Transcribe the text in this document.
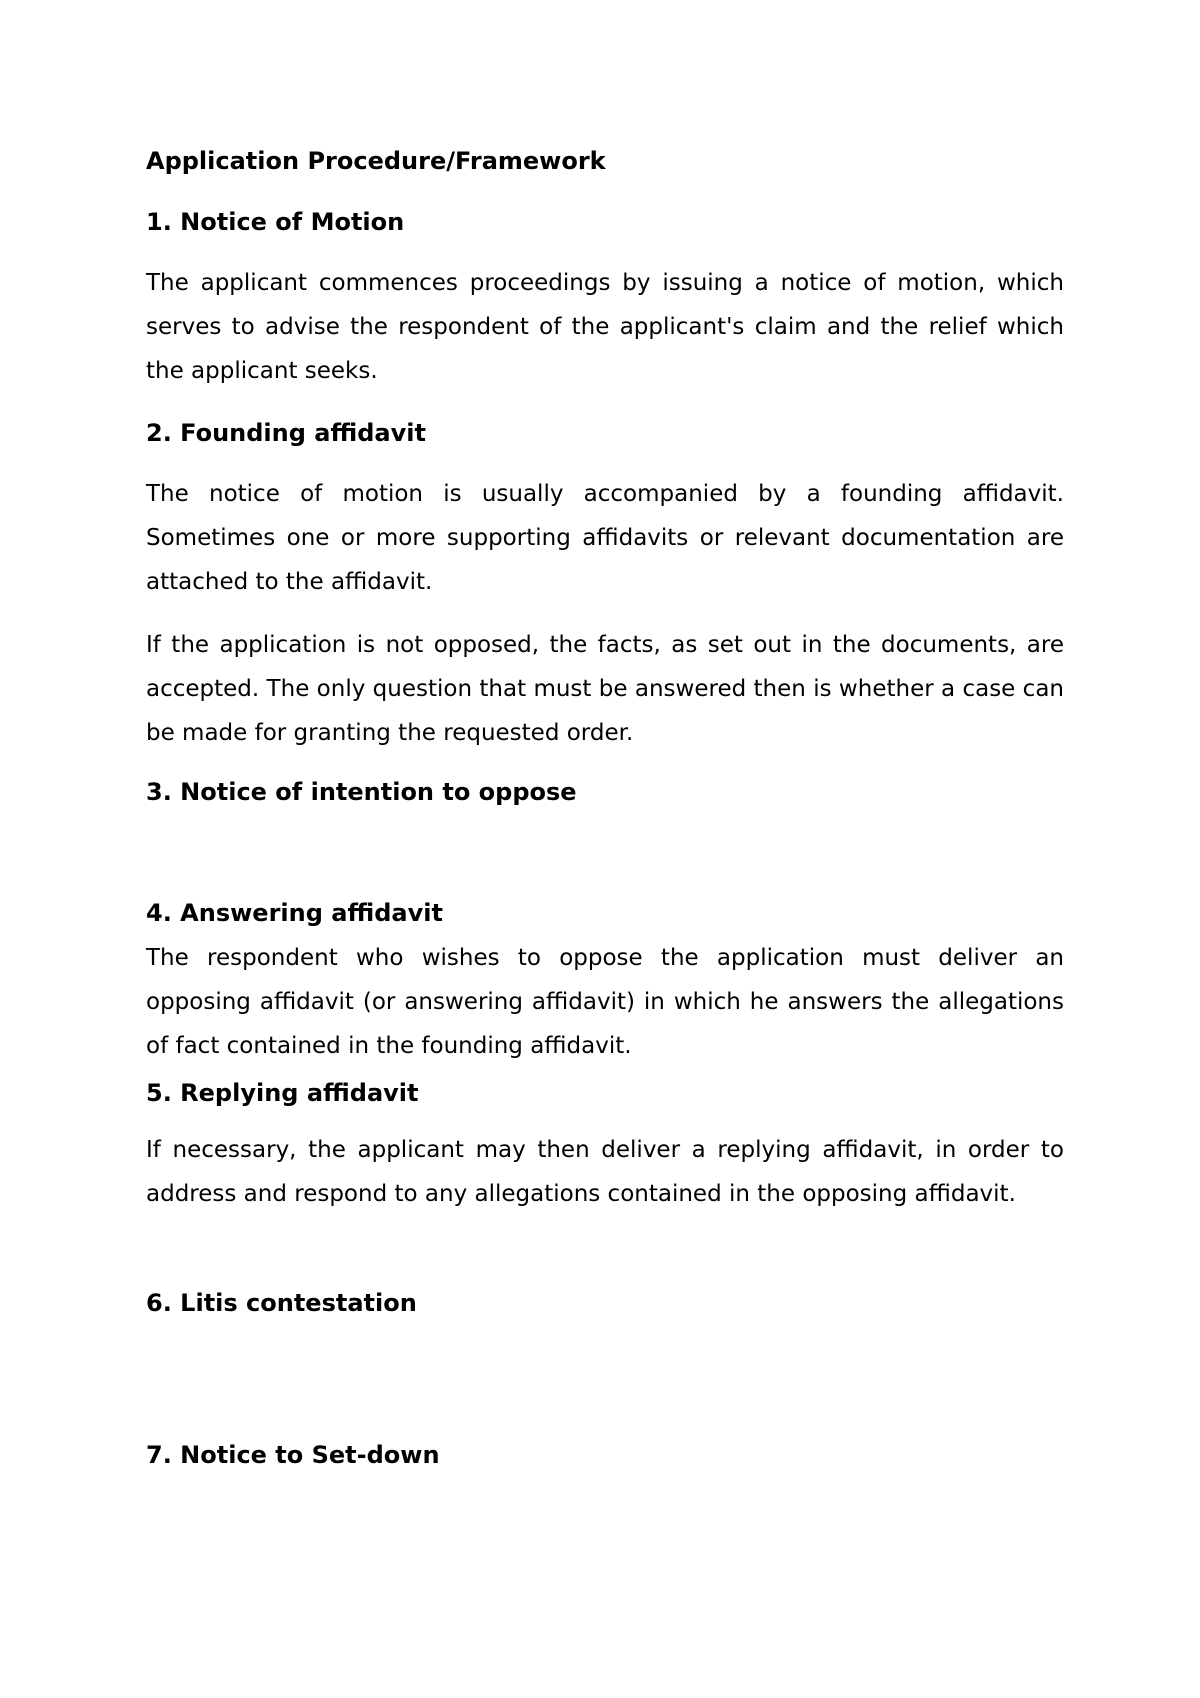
Application Procedure/Framework
1. Notice of Motion

The applicant commences proceedings by issuing a notice of motion, which serves to advise the respondent of the applicant's claim and the relief which the applicant seeks.

2. Founding affidavit

The notice of motion is usually accompanied by a founding affidavit. Sometimes one or more supporting affidavits or relevant documentation are attached to the affidavit.

If the application is not opposed, the facts, as set out in the documents, are accepted. The only question that must be answered then is whether a case can be made for granting the requested order.

3. Notice of intention to oppose
4. Answering affidavit

The respondent who wishes to oppose the application must deliver an opposing affidavit (or answering affidavit) in which he answers the allegations of fact contained in the founding affidavit.

5. Replying affidavit

If necessary, the applicant may then deliver a replying affidavit, in order to address and respond to any allegations contained in the opposing affidavit.

6. Litis contestation
7. Notice to Set-down
